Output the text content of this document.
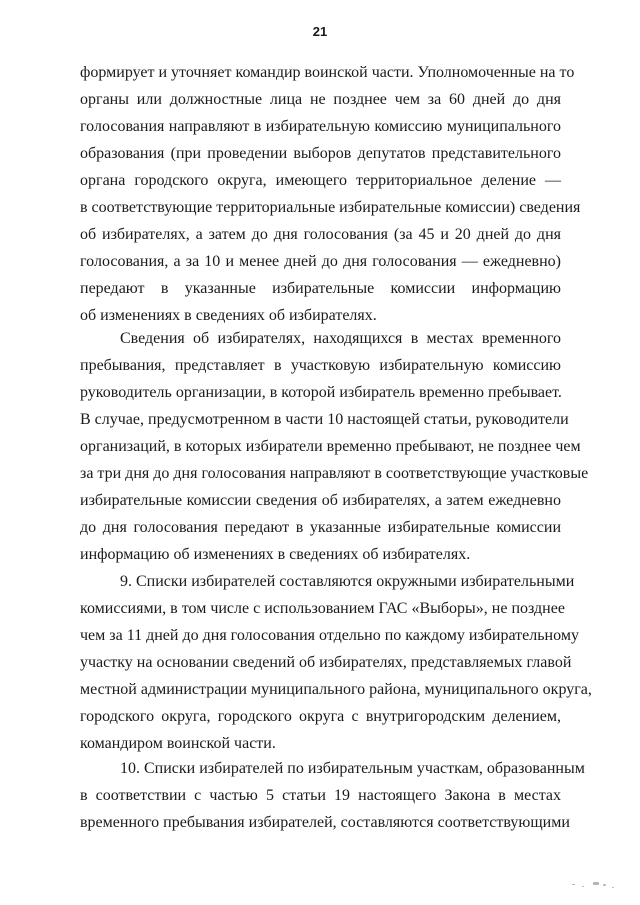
21
формирует и уточняет командир воинской части. Уполномоченные на то
органы или должностные лица не позднее чем за 60 дней до дня
голосования направляют в избирательную комиссию муниципального
образования (при проведении выборов депутатов представительного
органа городского округа, имеющего территориальное деление —
в соответствующие территориальные избирательные комиссии) сведения
об избирателях, а затем до дня голосования (за 45 и 20 дней до дня
голосования, а за 10 и менее дней до дня голосования — ежедневно)
передают в указанные избирательные комиссии информацию
об изменениях в сведениях об избирателях.
Сведения об избирателях, находящихся в местах временного
пребывания, представляет в участковую избирательную комиссию
руководитель организации, в которой избиратель временно пребывает.
В случае, предусмотренном в части 10 настоящей статьи, руководители
организаций, в которых избиратели временно пребывают, не позднее чем
за три дня до дня голосования направляют в соответствующие участковые
избирательные комиссии сведения об избирателях, а затем ежедневно
до дня голосования передают в указанные избирательные комиссии
информацию об изменениях в сведениях об избирателях.
9. Списки избирателей составляются окружными избирательными
комиссиями, в том числе с использованием ГАС «Выборы», не позднее
чем за 11 дней до дня голосования отдельно по каждому избирательному
участку на основании сведений об избирателях, представляемых главой
местной администрации муниципального района, муниципального округа,
городского округа, городского округа с внутригородским делением,
командиром воинской части.
10. Списки избирателей по избирательным участкам, образованным
в соответствии с частью 5 статьи 19 настоящего Закона в местах
временного пребывания избирателей, составляются соответствующими
